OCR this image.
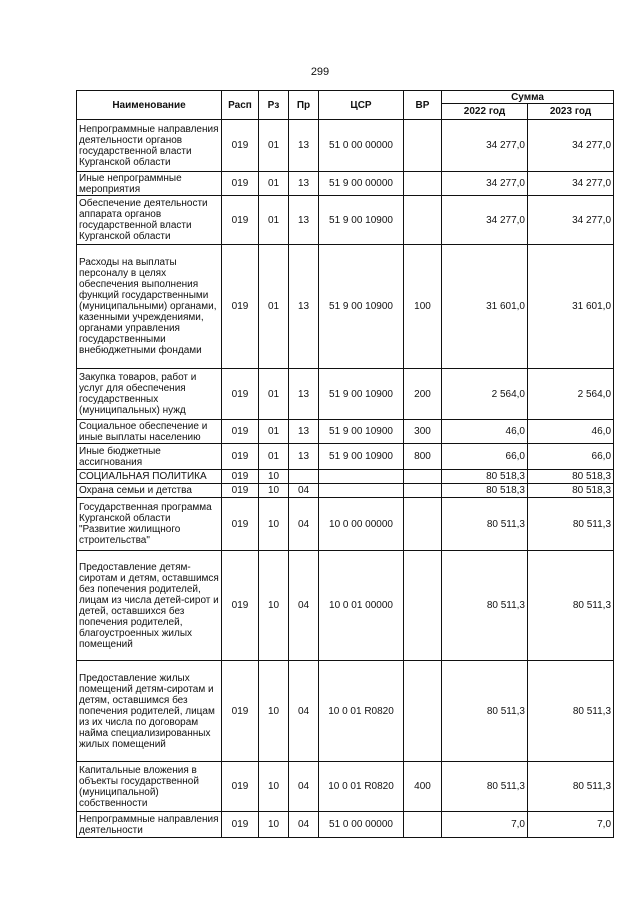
299
Наименование	Расп	Рз	Пр	ЦСР	ВР	Сумма	
						2022 год	2023 год
Непрограммные направления деятельности органов государственной власти Курганской области	019	01	13	51 0 00 00000		34 277,0	34 277,0
Иные непрограммные мероприятия	019	01	13	51 9 00 00000		34 277,0	34 277,0
Обеспечение деятельности аппарата органов государственной власти Курганской области	019	01	13	51 9 00 10900		34 277,0	34 277,0
Расходы на выплаты персоналу в целях обеспечения выполнения функций государственными (муниципальными) органами, казенными учреждениями, органами управления государственными внебюджетными фондами	019	01	13	51 9 00 10900	100	31 601,0	31 601,0
Закупка товаров, работ и услуг для обеспечения государственных (муниципальных) нужд	019	01	13	51 9 00 10900	200	2 564,0	2 564,0
Социальное обеспечение и иные выплаты населению	019	01	13	51 9 00 10900	300	46,0	46,0
Иные бюджетные ассигнования	019	01	13	51 9 00 10900	800	66,0	66,0
СОЦИАЛЬНАЯ ПОЛИТИКА	019	10				80 518,3	80 518,3
Охрана семьи и детства	019	10	04			80 518,3	80 518,3
Государственная программа Курганской области "Развитие жилищного строительства"	019	10	04	10 0 00 00000		80 511,3	80 511,3
Предоставление детям-сиротам и детям, оставшимся без попечения родителей, лицам из числа детей-сирот и детей, оставшихся без попечения родителей, благоустроенных жилых помещений	019	10	04	10 0 01 00000		80 511,3	80 511,3
Предоставление жилых помещений детям-сиротам и детям, оставшимся без попечения родителей, лицам из их числа по договорам найма специализированных жилых помещений	019	10	04	10 0 01 R0820		80 511,3	80 511,3
Капитальные вложения в объекты государственной (муниципальной) собственности	019	10	04	10 0 01 R0820	400	80 511,3	80 511,3
Непрограммные направления деятельности	019	10	04	51 0 00 00000		7,0	7,0
